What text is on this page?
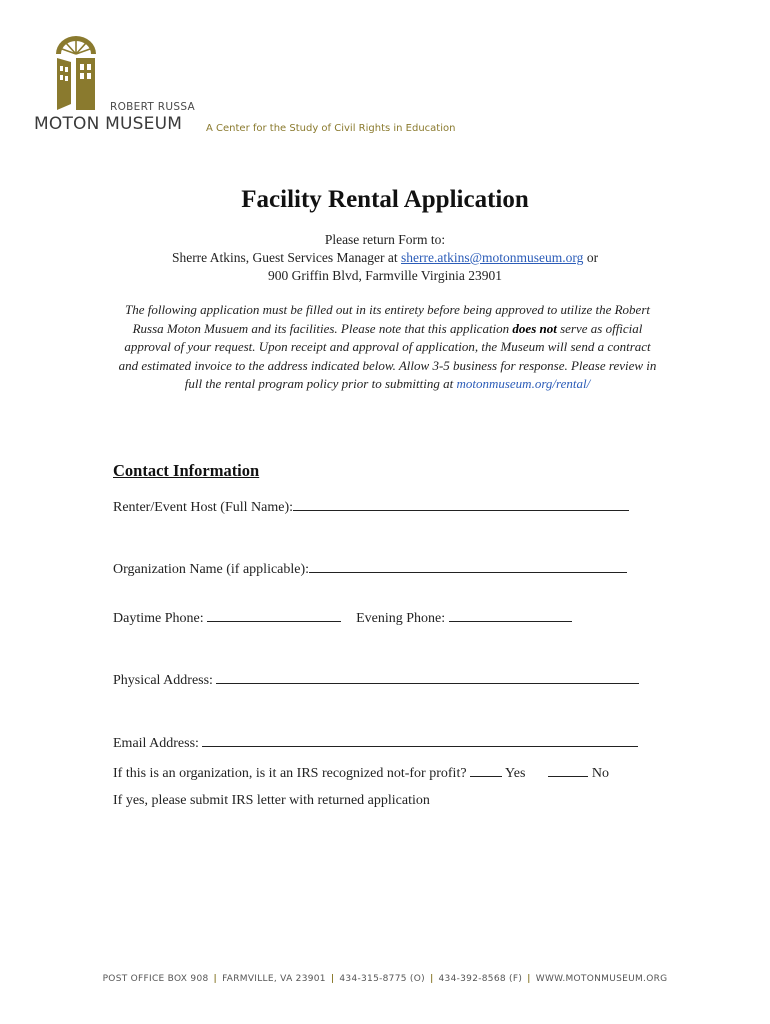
ROBERT RUSSA
MOTON MUSEUM A Center for the Study of Civil Rights in Education
Facility Rental Application
Please return Form to:
Sherre Atkins, Guest Services Manager at sherre.atkins@motonmuseum.org or
900 Griffin Blvd, Farmville Virginia 23901
The following application must be filled out in its entirety before being approved to utilize the Robert Russa Moton Musuem and its facilities. Please note that this application does not serve as official approval of your request. Upon receipt and approval of application, the Museum will send a contract and estimated invoice to the address indicated below. Allow 3-5 business for response. Please review in full the rental program policy prior to submitting at motonmuseum.org/rental/
Contact Information
Renter/Event Host (Full Name):
Organization Name (if applicable):
Daytime Phone:	Evening Phone:
Physical Address:
Email Address:
If this is an organization, is it an IRS recognized not-for profit?	Yes	No
If yes, please submit IRS letter with returned application
POST OFFICE BOX 908 | FARMVILLE, VA 23901 | 434-315-8775 (O) | 434-392-8568 (F) | WWW.MOTONMUSEUM.ORG
